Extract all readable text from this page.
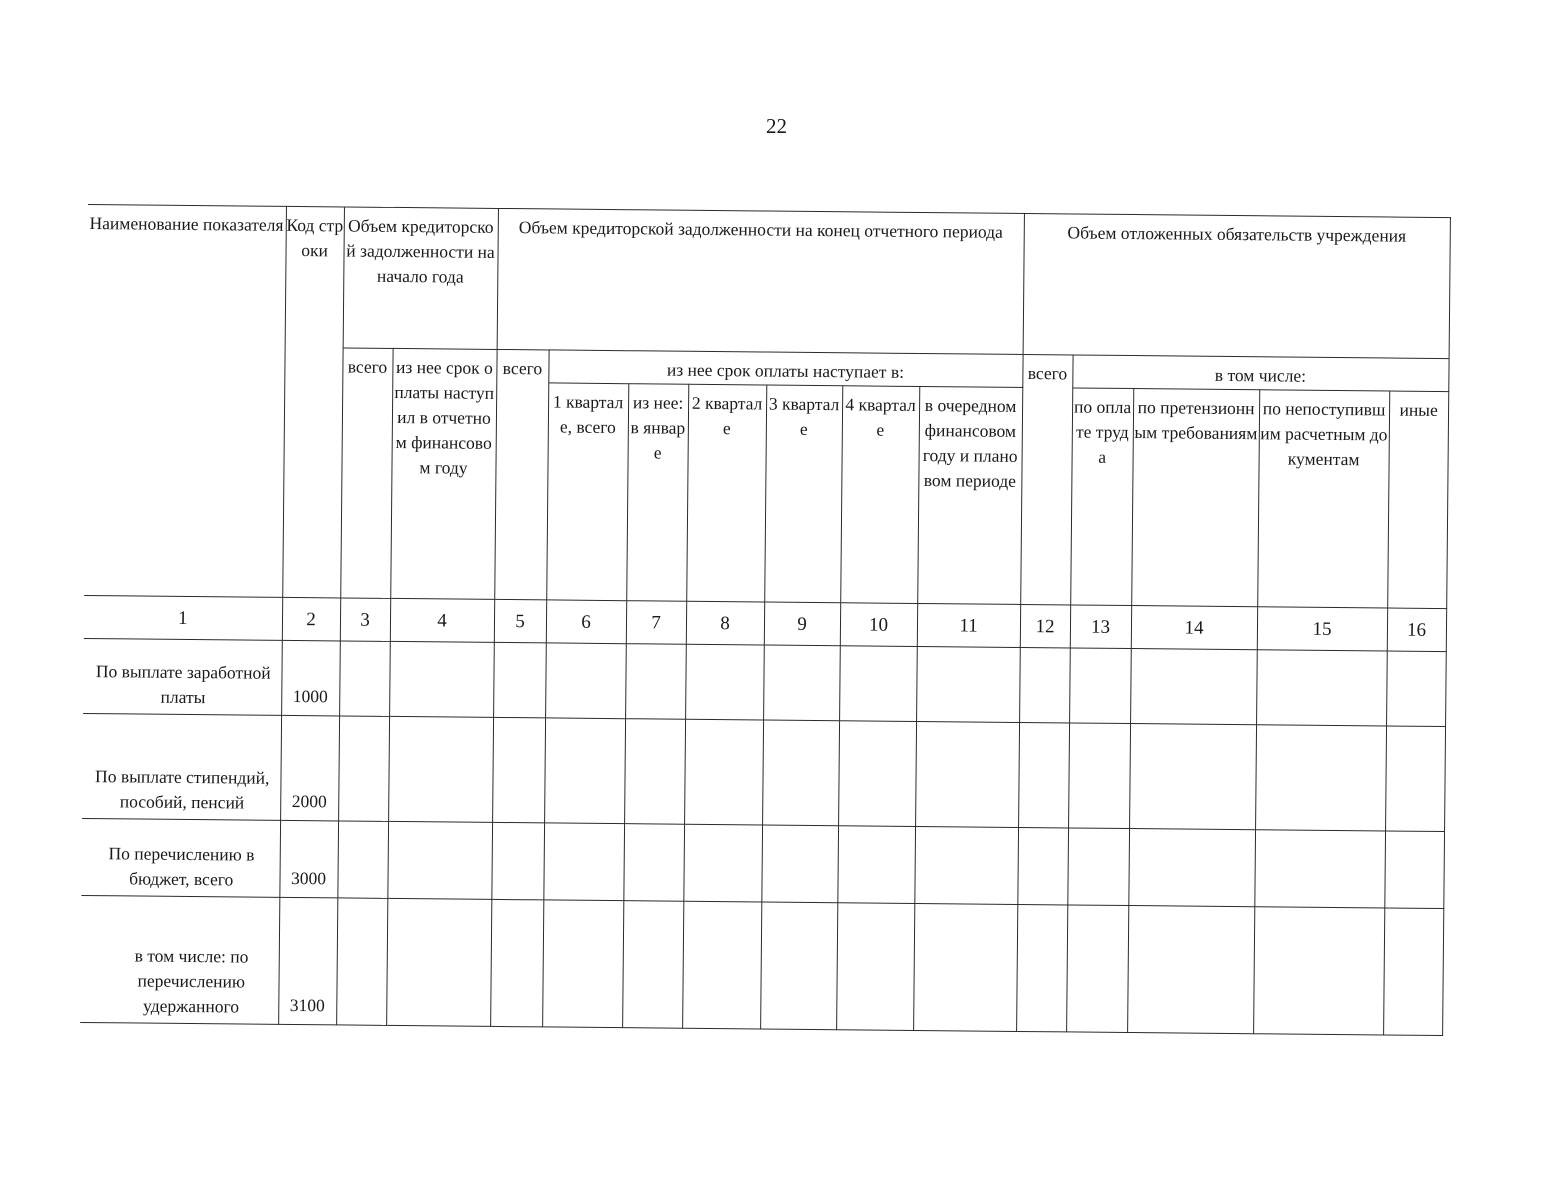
22
Наименование показателя	Код строки	Объем кредиторской задолженности на начало года		Объем кредиторской задолженности на конец отчетного периода							Объем отложенных обязательств учреждения				
		всего	из нее срок оплаты наступил в отчетном финансовом году	всего	из нее срок оплаты наступает в:						всего	в том числе:			
					1 квартале, всего	из нее: в январе	2 квартале	3 квартале	4 квартале	в очередном финансовом году и плановом периоде		по оплате труда	по претензионным требованиям	по непоступившим расчетным документам	иные
1	2	3	4	5	6	7	8	9	10	11	12	13	14	15	16
По выплате заработной платы	1000														
По выплате стипендий, пособий, пенсий	2000														
По перечислению в бюджет, всего	3000														
в том числе: по перечислению удержанного	3100														
